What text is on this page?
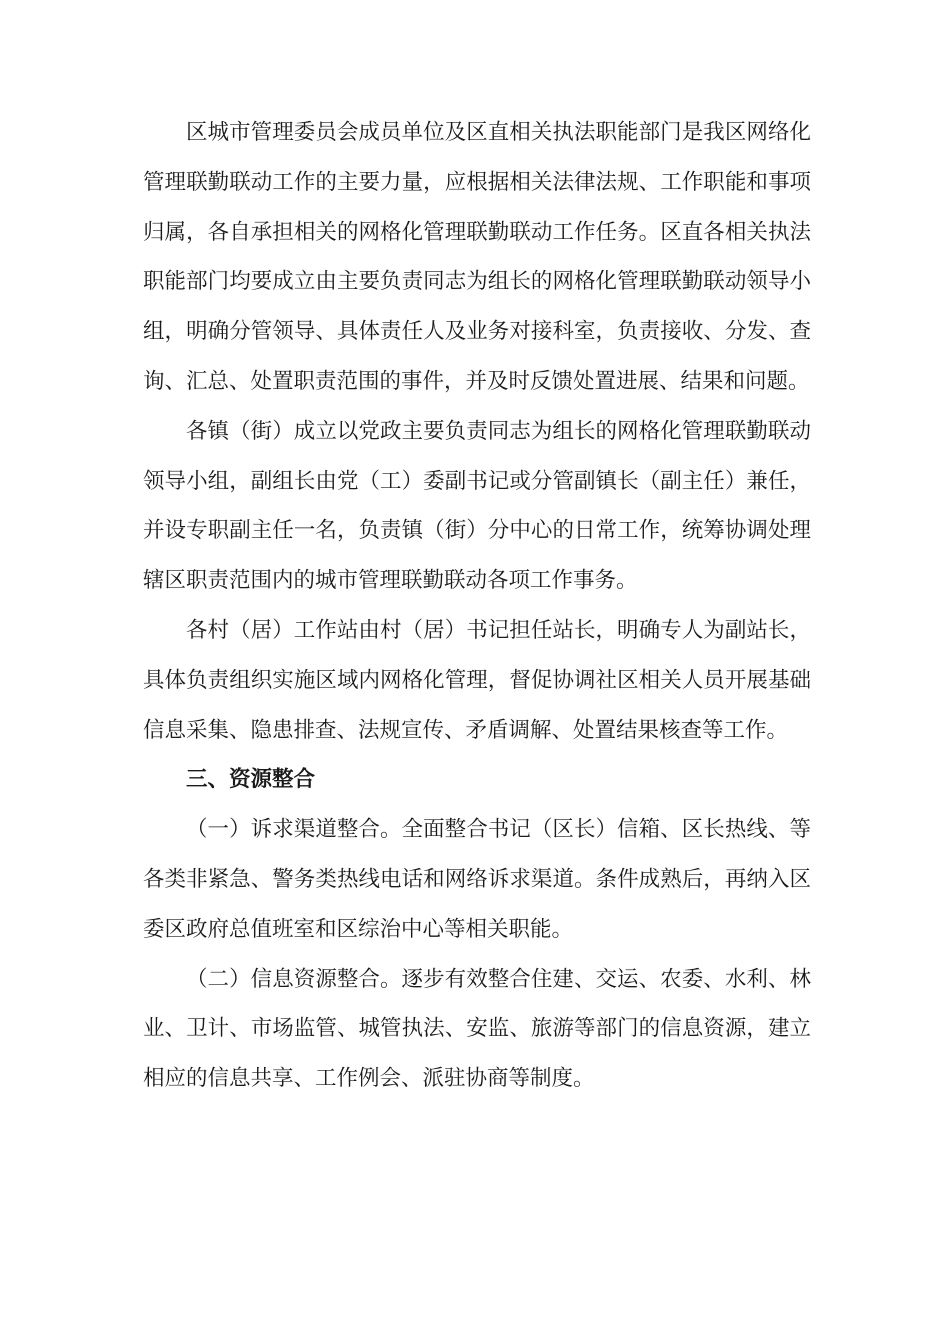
区城市管理委员会成员单位及区直相关执法职能部门是我区网络化管理联勤联动工作的主要力量，应根据相关法律法规、工作职能和事项归属，各自承担相关的网格化管理联勤联动工作任务。区直各相关执法职能部门均要成立由主要负责同志为组长的网格化管理联勤联动领导小组，明确分管领导、具体责任人及业务对接科室，负责接收、分发、查询、汇总、处置职责范围的事件，并及时反馈处置进展、结果和问题。

各镇（街）成立以党政主要负责同志为组长的网格化管理联勤联动领导小组，副组长由党（工）委副书记或分管副镇长（副主任）兼任，并设专职副主任一名，负责镇（街）分中心的日常工作，统筹协调处理辖区职责范围内的城市管理联勤联动各项工作事务。

各村（居）工作站由村（居）书记担任站长，明确专人为副站长，具体负责组织实施区域内网格化管理，督促协调社区相关人员开展基础信息采集、隐患排查、法规宣传、矛盾调解、处置结果核查等工作。

三、资源整合

（一）诉求渠道整合。全面整合书记（区长）信箱、区长热线、等各类非紧急、警务类热线电话和网络诉求渠道。条件成熟后，再纳入区委区政府总值班室和区综治中心等相关职能。

（二）信息资源整合。逐步有效整合住建、交运、农委、水利、林业、卫计、市场监管、城管执法、安监、旅游等部门的信息资源，建立相应的信息共享、工作例会、派驻协商等制度。
